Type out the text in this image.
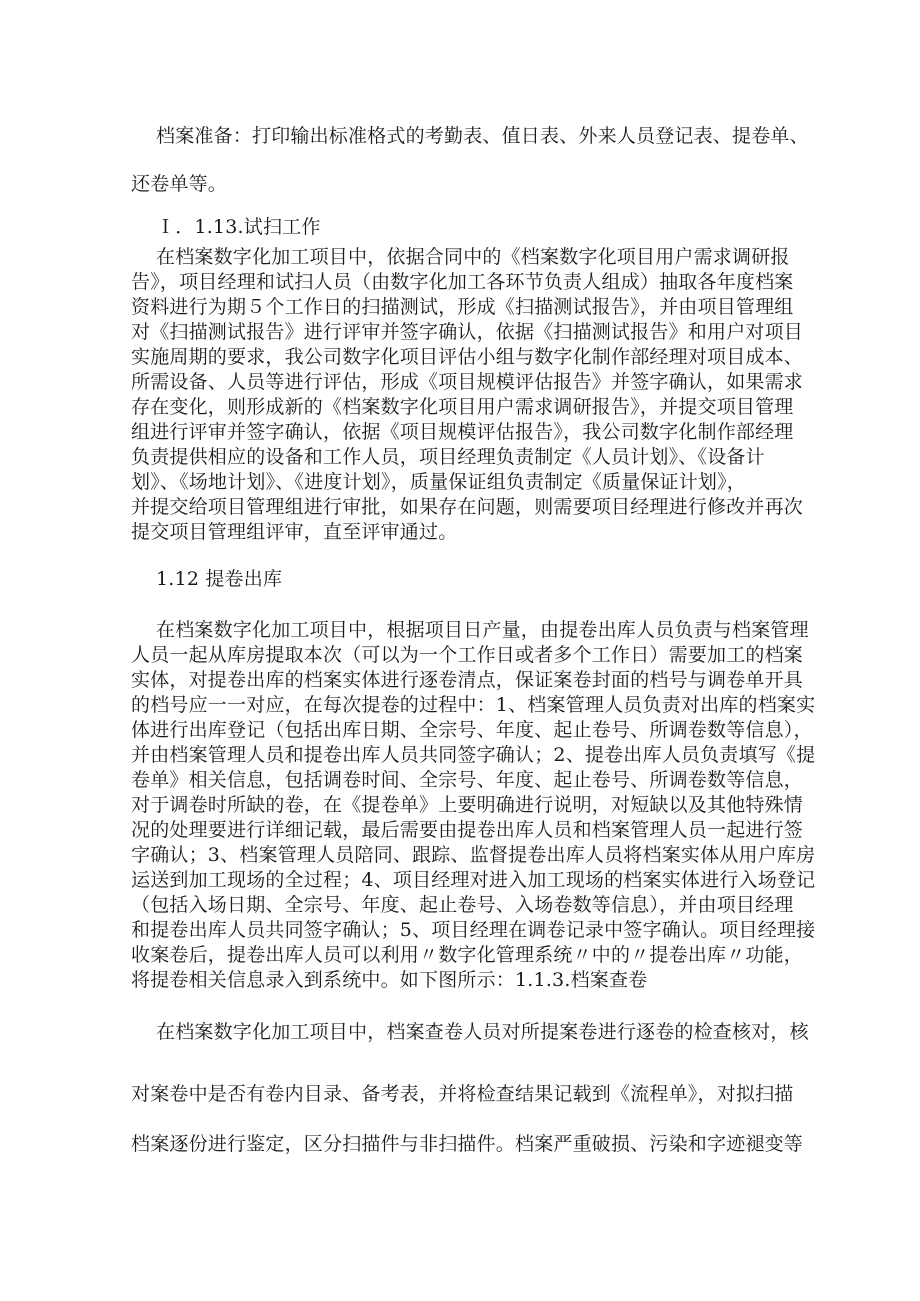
档案准备：打印输出标准格式的考勤表、值日表、外来人员登记表、提卷单、
还卷单等。
Ｉ．1.13.试扫工作
在档案数字化加工项目中，依据合同中的《档案数字化项目用户需求调研报
告》，项目经理和试扫人员（由数字化加工各环节负责人组成）抽取各年度档案
资料进行为期５个工作日的扫描测试，形成《扫描测试报告》，并由项目管理组
对《扫描测试报告》进行评审并签字确认，依据《扫描测试报告》和用户对项目
实施周期的要求，我公司数字化项目评估小组与数字化制作部经理对项目成本、
所需设备、人员等进行评估，形成《项目规模评估报告》并签字确认，如果需求
存在变化，则形成新的《档案数字化项目用户需求调研报告》，并提交项目管理
组进行评审并签字确认，依据《项目规模评估报告》，我公司数字化制作部经理
负责提供相应的设备和工作人员，项目经理负责制定《人员计划》、《设备计
划》、《场地计划》、《进度计划》，质量保证组负责制定《质量保证计划》，
并提交给项目管理组进行审批，如果存在问题，则需要项目经理进行修改并再次
提交项目管理组评审，直至评审通过。
1.12 提卷出库
在档案数字化加工项目中，根据项目日产量，由提卷出库人员负责与档案管理
人员一起从库房提取本次（可以为一个工作日或者多个工作日）需要加工的档案
实体，对提卷出库的档案实体进行逐卷清点，保证案卷封面的档号与调卷单开具
的档号应一一对应，在每次提卷的过程中：1、档案管理人员负责对出库的档案实
体进行出库登记（包括出库日期、全宗号、年度、起止卷号、所调卷数等信息），
并由档案管理人员和提卷出库人员共同签字确认；2、提卷出库人员负责填写《提
卷单》相关信息，包括调卷时间、全宗号、年度、起止卷号、所调卷数等信息，
对于调卷时所缺的卷，在《提卷单》上要明确进行说明，对短缺以及其他特殊情
况的处理要进行详细记载，最后需要由提卷出库人员和档案管理人员一起进行签
字确认；3、档案管理人员陪同、跟踪、监督提卷出库人员将档案实体从用户库房
运送到加工现场的全过程；4、项目经理对进入加工现场的档案实体进行入场登记
（包括入场日期、全宗号、年度、起止卷号、入场卷数等信息），并由项目经理
和提卷出库人员共同签字确认；5、项目经理在调卷记录中签字确认。项目经理接
收案卷后，提卷出库人员可以利用〃数字化管理系统〃中的〃提卷出库〃功能，
将提卷相关信息录入到系统中。如下图所示：1.1.3.档案查卷
在档案数字化加工项目中，档案查卷人员对所提案卷进行逐卷的检查核对，核
对案卷中是否有卷内目录、备考表，并将检查结果记载到《流程单》，对拟扫描
档案逐份进行鉴定，区分扫描件与非扫描件。档案严重破损、污染和字迹褪变等
